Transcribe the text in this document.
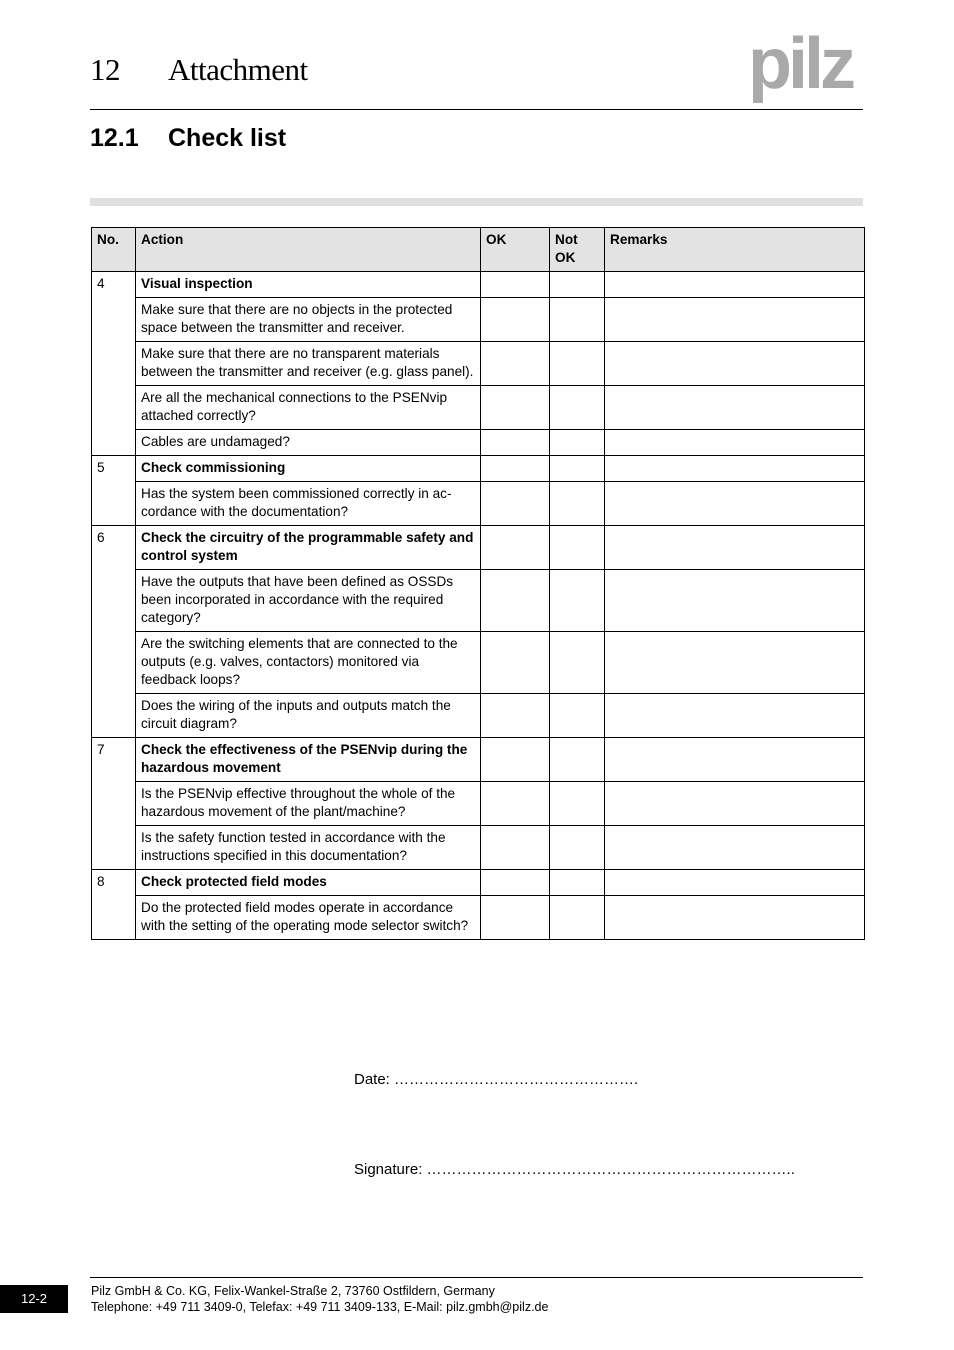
12 Attachment	pilz
12.1 Check list
No.	Action	OK	Not OK	Remarks
4	Visual inspection			
	Make sure that there are no objects in the protected space between the transmitter and receiver.			
	Make sure that there are no transparent materials between the transmitter and receiver (e.g. glass panel).			
	Are all the mechanical connections to the PSENvip attached correctly?			
	Cables are undamaged?			
5	Check commissioning			
	Has the system been commissioned correctly in ac-cordance with the documentation?			
6	Check the circuitry of the programmable safety and control system			
	Have the outputs that have been defined as OSSDs been incorporated in accordance with the required category?			
	Are the switching elements that are connected to the outputs (e.g. valves, contactors) monitored via feedback loops?			
	Does the wiring of the inputs and outputs match the circuit diagram?			
7	Check the effectiveness of the PSENvip during the hazardous movement			
	Is the PSENvip effective throughout the whole of the hazardous movement of the plant/machine?			
	Is the safety function tested in accordance with the instructions specified in this documentation?			
8	Check protected field modes			
	Do the protected field modes operate in accordance with the setting of the operating mode selector switch?			
Date: ………………………………………….
Signature: ………………………………………………………………..
12-2	Pilz GmbH & Co. KG, Felix-Wankel-Straße 2, 73760 Ostfildern, Germany
Telephone: +49 711 3409-0, Telefax: +49 711 3409-133, E-Mail: pilz.gmbh@pilz.de
